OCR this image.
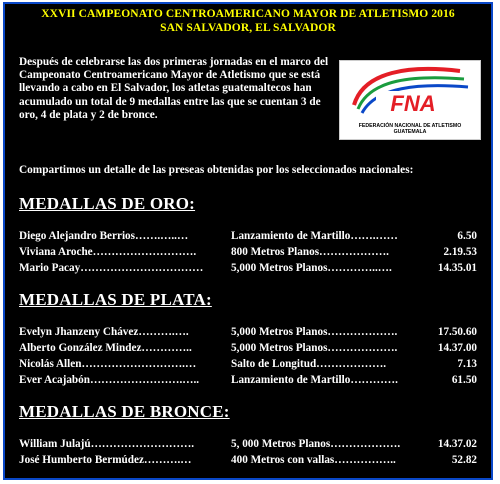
XXVII CAMPEONATO CENTROAMERICANO MAYOR DE ATLETISMO 2016
SAN SALVADOR, EL SALVADOR
Después de celebrarse las dos primeras jornadas en el marco del Campeonato Centroamericano Mayor de Atletismo que se está llevando a cabo en El Salvador, los atletas guatemaltecos han acumulado un total de 9 medallas entre las que se cuentan 3 de oro, 4 de plata y 2 de bronce.	FNA
FEDERACIÓN NACIONAL DE ATLETISMO
GUATEMALA
Compartimos un detalle de las preseas obtenidas por los seleccionados nacionales:
MEDALLAS DE ORO:
Diego Alejandro Berrios…….…..…	Lanzamiento de Martillo…….……	6.50
Viviana Aroche……………………….	800 Metros Planos……………….	2.19.53
Mario Pacay…………………………… 5,000 Metros Planos…………..….	14.35.01
MEDALLAS DE PLATA:
Evelyn Jhanzeny Chávez……….….	5,000 Metros Planos……………….	17.50.60
Alberto González Mindez…………..	5,000 Metros Planos……………….	14.37.00
Nicolás Allen……………………….…	Salto de Longitud……………….	7.13
Ever Acajabón…………………….…..	Lanzamiento de Martillo………….	61.50
MEDALLAS DE BRONCE:
William Julajú……………………….	5, 000 Metros Planos……………….	14.37.02
José Humberto Bermúdez……….…	400 Metros con vallas……………..	52.82
